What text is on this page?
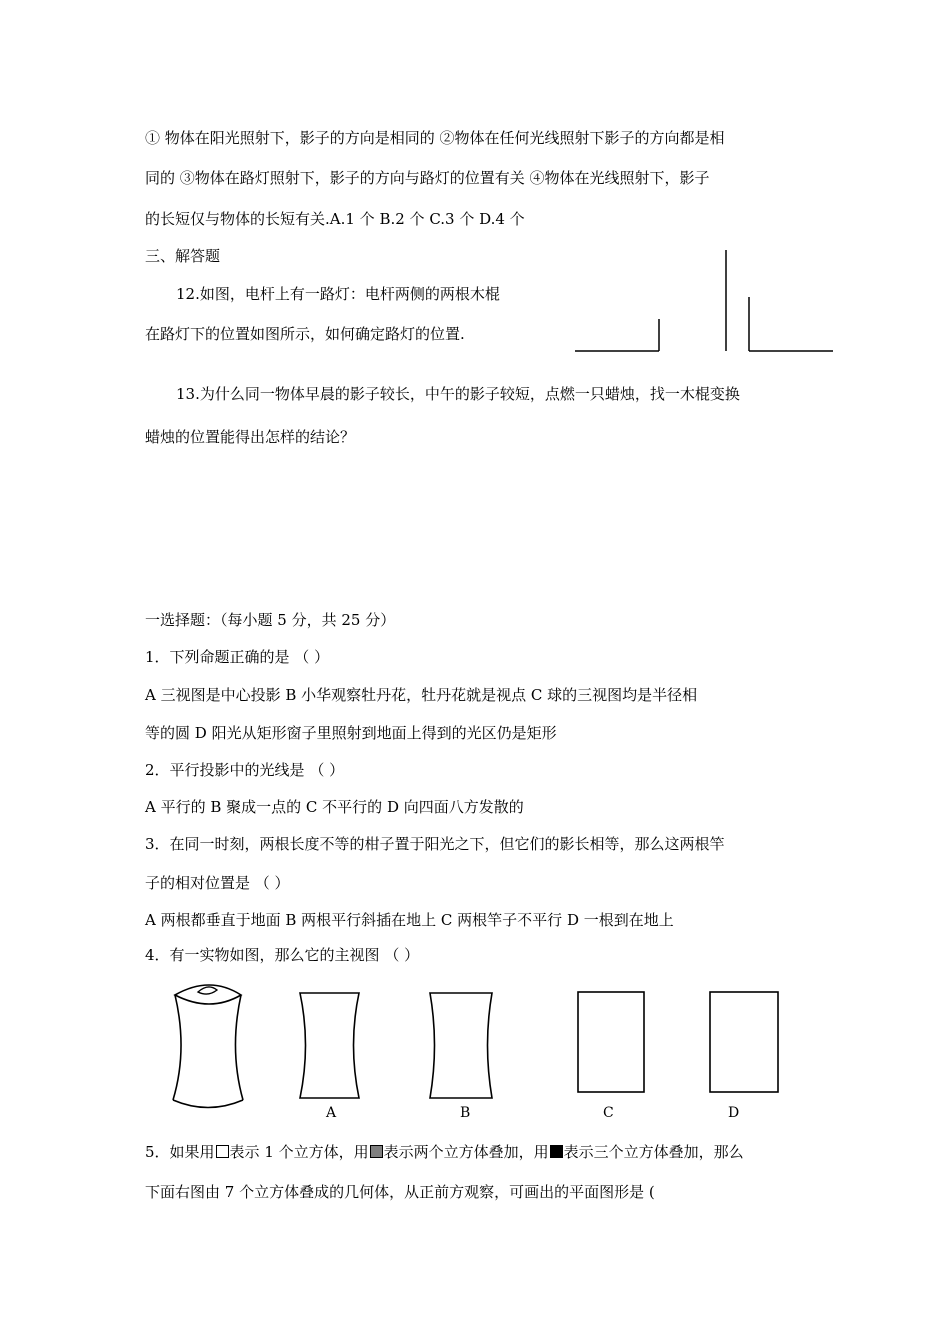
① 物体在阳光照射下，影子的方向是相同的 ②物体在任何光线照射下影子的方向都是相
同的 ③物体在路灯照射下，影子的方向与路灯的位置有关 ④物体在光线照射下，影子
的长短仅与物体的长短有关.A.1 个 B.2 个 C.3 个 D.4 个
三、解答题
12.如图，电杆上有一路灯：电杆两侧的两根木棍
在路灯下的位置如图所示，如何确定路灯的位置.
13.为什么同一物体早晨的影子较长，中午的影子较短，点燃一只蜡烛，找一木棍变换
蜡烛的位置能得出怎样的结论？
一选择题：（每小题 5 分，共 25 分）
1．下列命题正确的是 （ ）
A 三视图是中心投影 B 小华观察牡丹花，牡丹花就是视点 C 球的三视图均是半径相
等的圆 D 阳光从矩形窗子里照射到地面上得到的光区仍是矩形
2．平行投影中的光线是 （ ）
A 平行的 B 聚成一点的 C 不平行的 D 向四面八方发散的
3．在同一时刻，两根长度不等的柑子置于阳光之下，但它们的影长相等，那么这两根竿
子的相对位置是 （ ）
A 两根都垂直于地面 B 两根平行斜插在地上 C 两根竿子不平行 D 一根到在地上
4．有一实物如图，那么它的主视图 （ ）
A	B	C	D
5．如果用 表示 1 个立方体，用 表示两个立方体叠加，用 表示三个立方体叠加，那么
下面右图由 7 个立方体叠成的几何体，从正前方观察，可画出的平面图形是 (
